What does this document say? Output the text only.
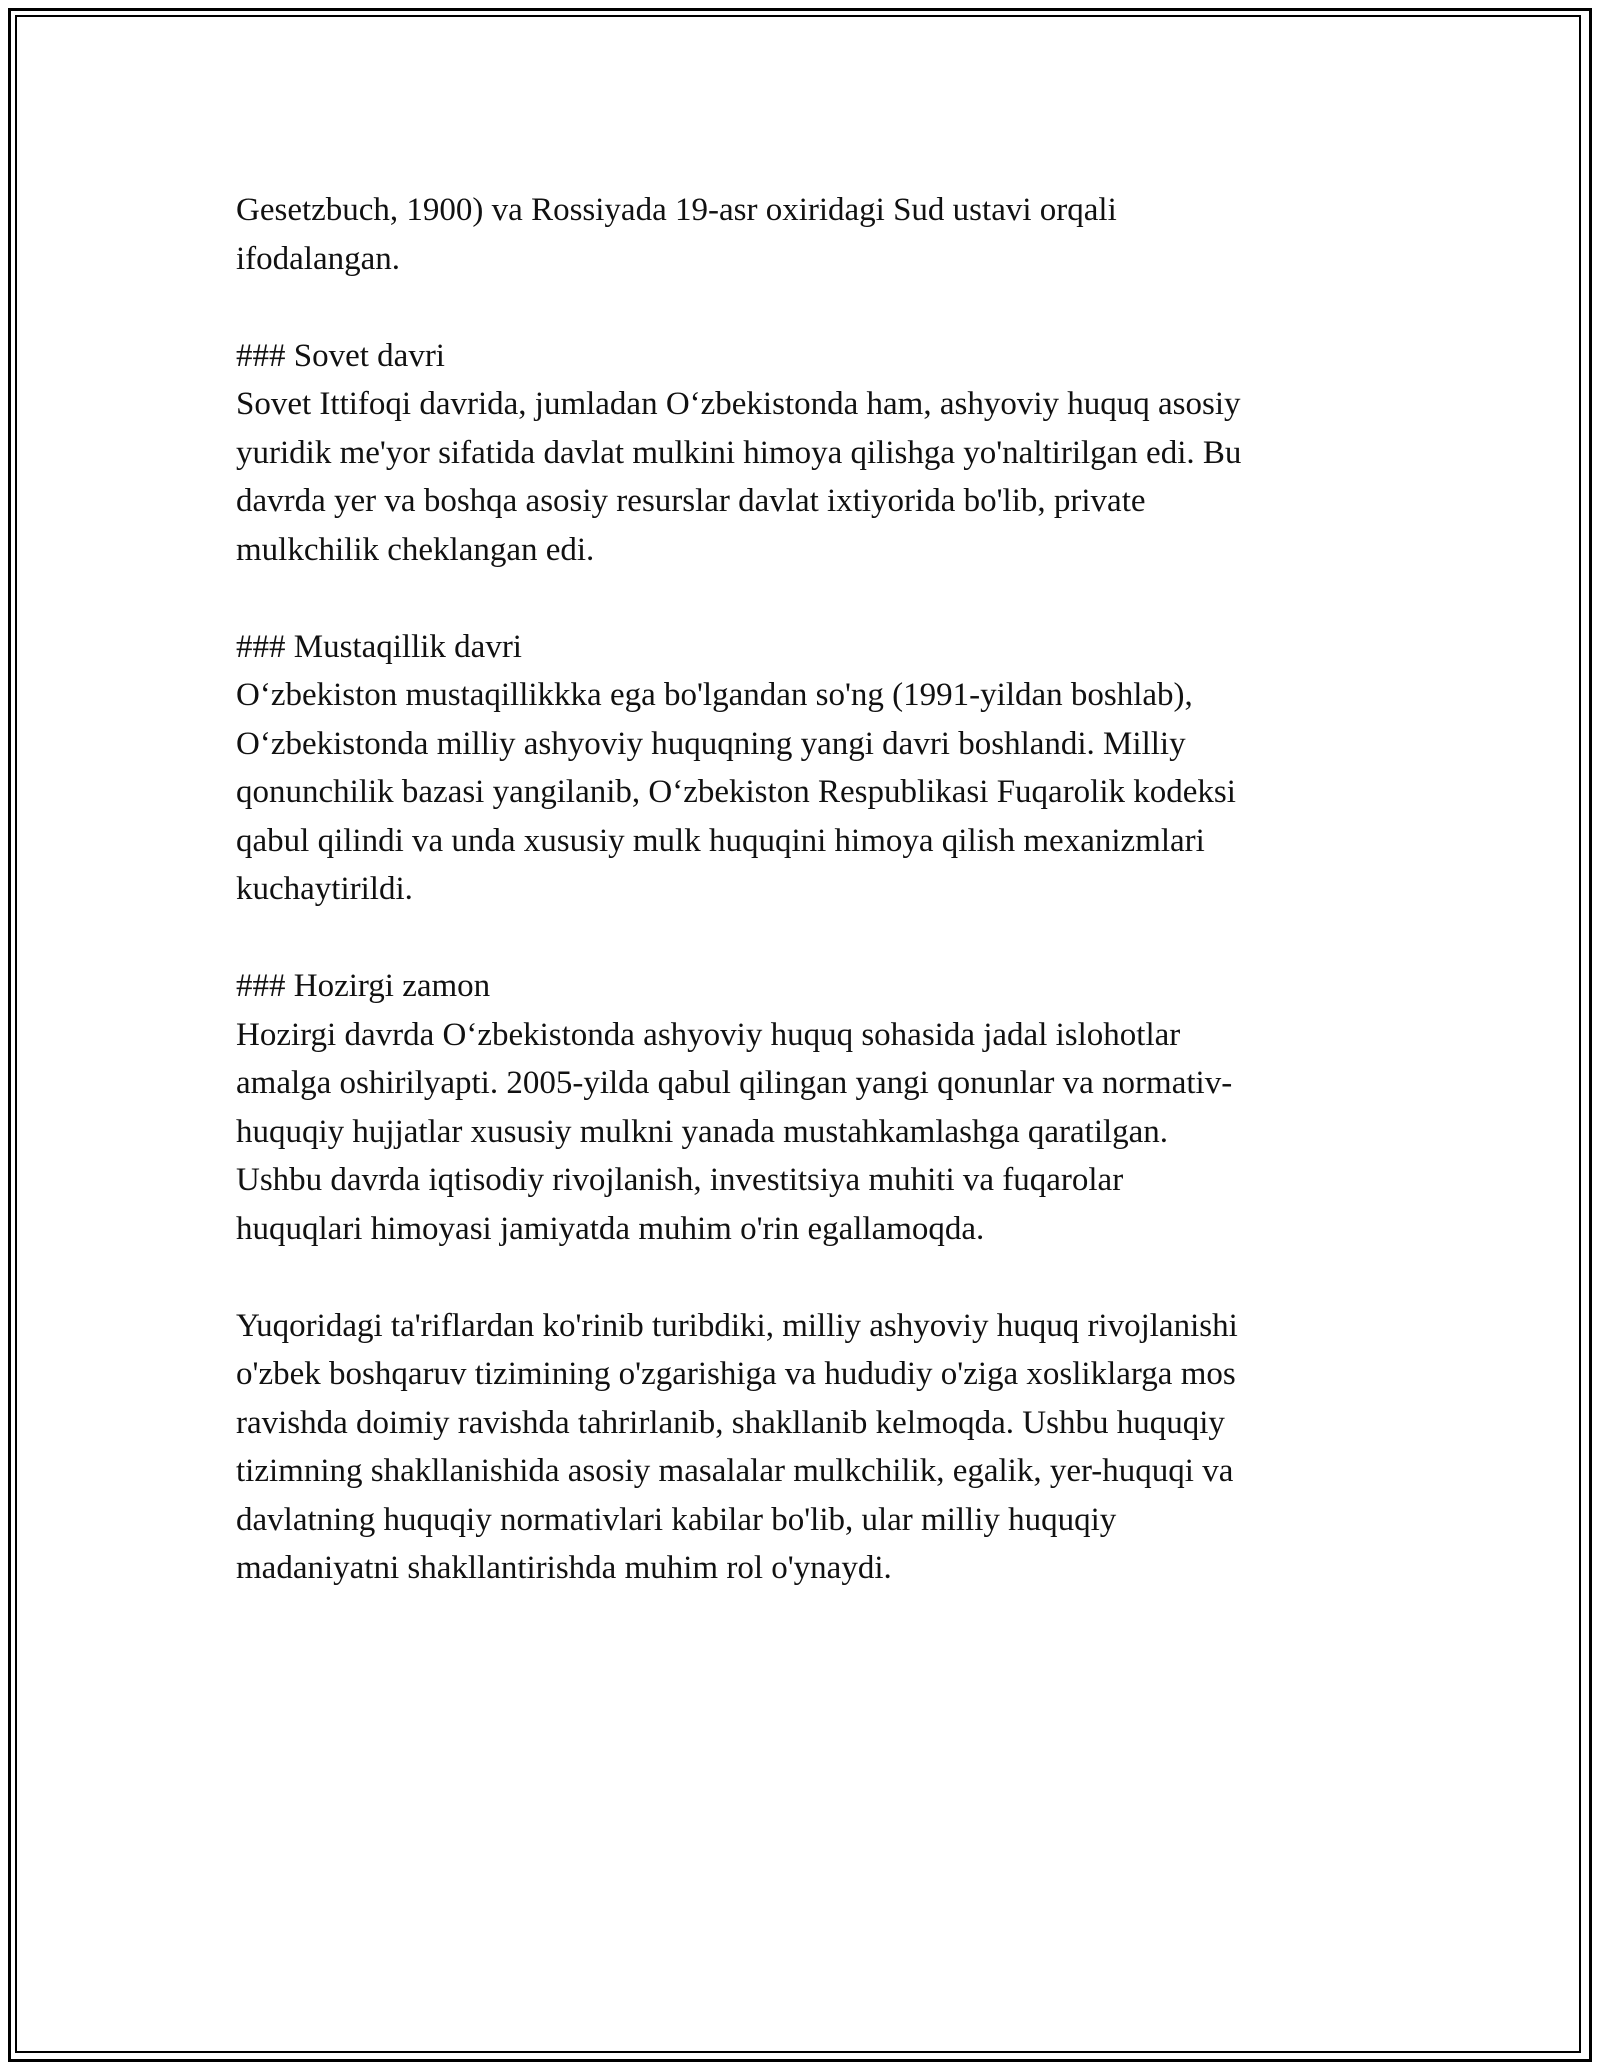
Gesetzbuch, 1900) va Rossiyada 19-asr oxiridagi Sud ustavi orqali
ifodalangan.
### Sovet davri
Sovet Ittifoqi davrida, jumladan O‘zbekistonda ham, ashyoviy huquq asosiy
yuridik me'yor sifatida davlat mulkini himoya qilishga yo'naltirilgan edi. Bu
davrda yer va boshqa asosiy resurslar davlat ixtiyorida bo'lib, private
mulkchilik cheklangan edi.
### Mustaqillik davri
O‘zbekiston mustaqillikkka ega bo'lgandan so'ng (1991-yildan boshlab),
O‘zbekistonda milliy ashyoviy huquqning yangi davri boshlandi. Milliy
qonunchilik bazasi yangilanib, O‘zbekiston Respublikasi Fuqarolik kodeksi
qabul qilindi va unda xususiy mulk huquqini himoya qilish mexanizmlari
kuchaytirildi.
### Hozirgi zamon
Hozirgi davrda O‘zbekistonda ashyoviy huquq sohasida jadal islohotlar
amalga oshirilyapti. 2005-yilda qabul qilingan yangi qonunlar va normativ-
huquqiy hujjatlar xususiy mulkni yanada mustahkamlashga qaratilgan.
Ushbu davrda iqtisodiy rivojlanish, investitsiya muhiti va fuqarolar
huquqlari himoyasi jamiyatda muhim o'rin egallamoqda.
Yuqoridagi ta'riflardan ko'rinib turibdiki, milliy ashyoviy huquq rivojlanishi
o'zbek boshqaruv tizimining o'zgarishiga va hududiy o'ziga xosliklarga mos
ravishda doimiy ravishda tahrirlanib, shakllanib kelmoqda. Ushbu huquqiy
tizimning shakllanishida asosiy masalalar mulkchilik, egalik, yer-huquqi va
davlatning huquqiy normativlari kabilar bo'lib, ular milliy huquqiy
madaniyatni shakllantirishda muhim rol o'ynaydi.
